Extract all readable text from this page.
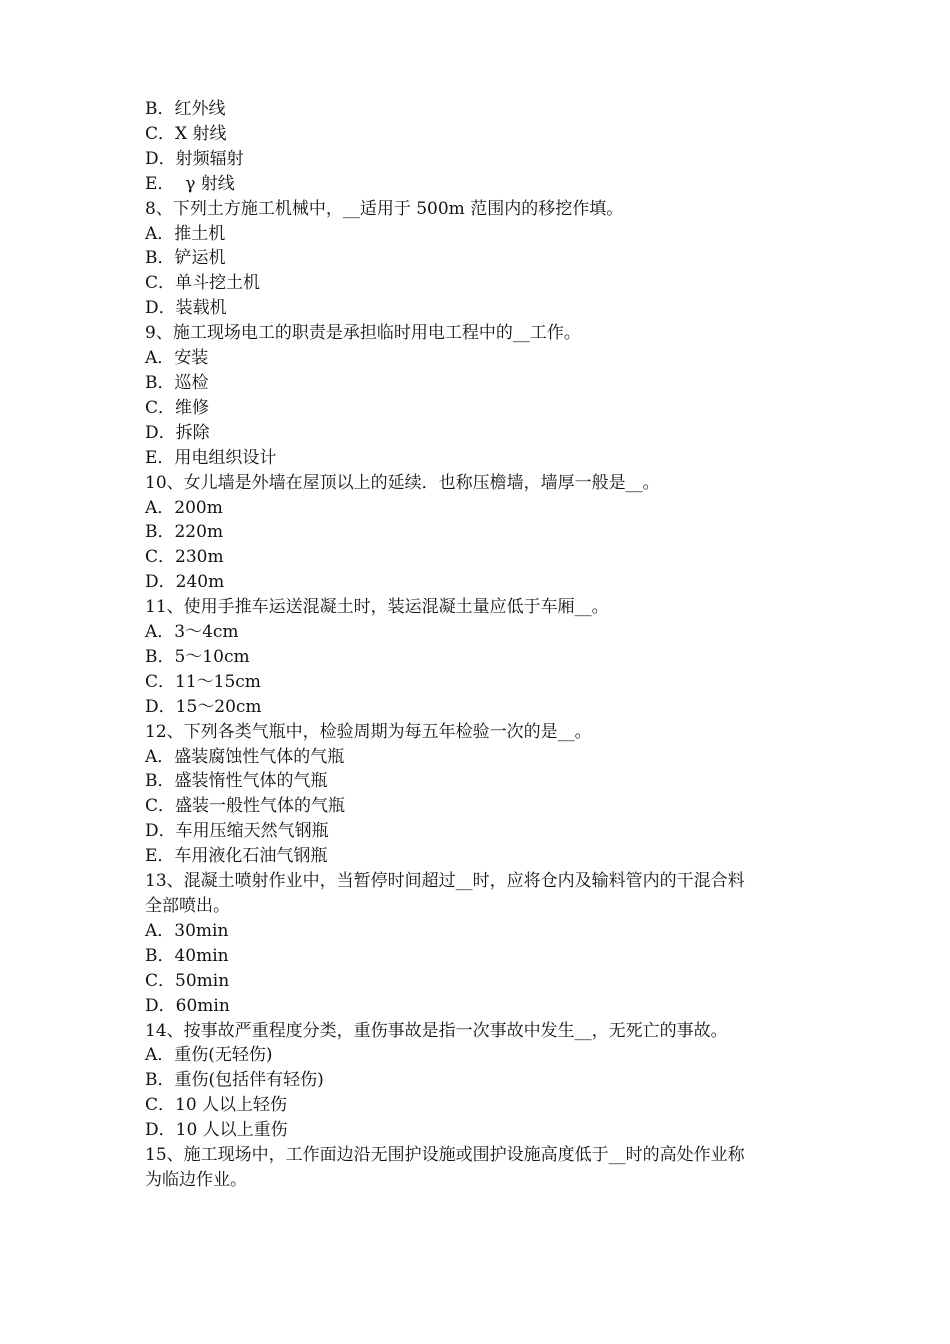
B．红外线

C．X 射线

D．射频辐射

E．  γ 射线

8、下列土方施工机械中，__适用于 500m 范围内的移挖作填。

A．推土机

B．铲运机

C．单斗挖土机

D．装载机

9、施工现场电工的职责是承担临时用电工程中的__工作。

A．安装

B．巡检

C．维修

D．拆除

E．用电组织设计

10、女儿墙是外墙在屋顶以上的延续．也称压檐墙，墙厚一般是__。

A．200m

B．220m

C．230m

D．240m

11、使用手推车运送混凝土时，装运混凝土量应低于车厢__。

A．3～4cm

B．5～10cm

C．11～15cm

D．15～20cm

12、下列各类气瓶中，检验周期为每五年检验一次的是__。

A．盛装腐蚀性气体的气瓶

B．盛装惰性气体的气瓶

C．盛装一般性气体的气瓶

D．车用压缩天然气钢瓶

E．车用液化石油气钢瓶

13、混凝土喷射作业中，当暂停时间超过__时，应将仓内及输料管内的干混合料

全部喷出。

A．30min

B．40min

C．50min

D．60min

14、按事故严重程度分类，重伤事故是指一次事故中发生__，无死亡的事故。

A．重伤(无轻伤)

B．重伤(包括伴有轻伤)

C．10 人以上轻伤

D．10 人以上重伤

15、施工现场中，工作面边沿无围护设施或围护设施高度低于__时的高处作业称

为临边作业。
